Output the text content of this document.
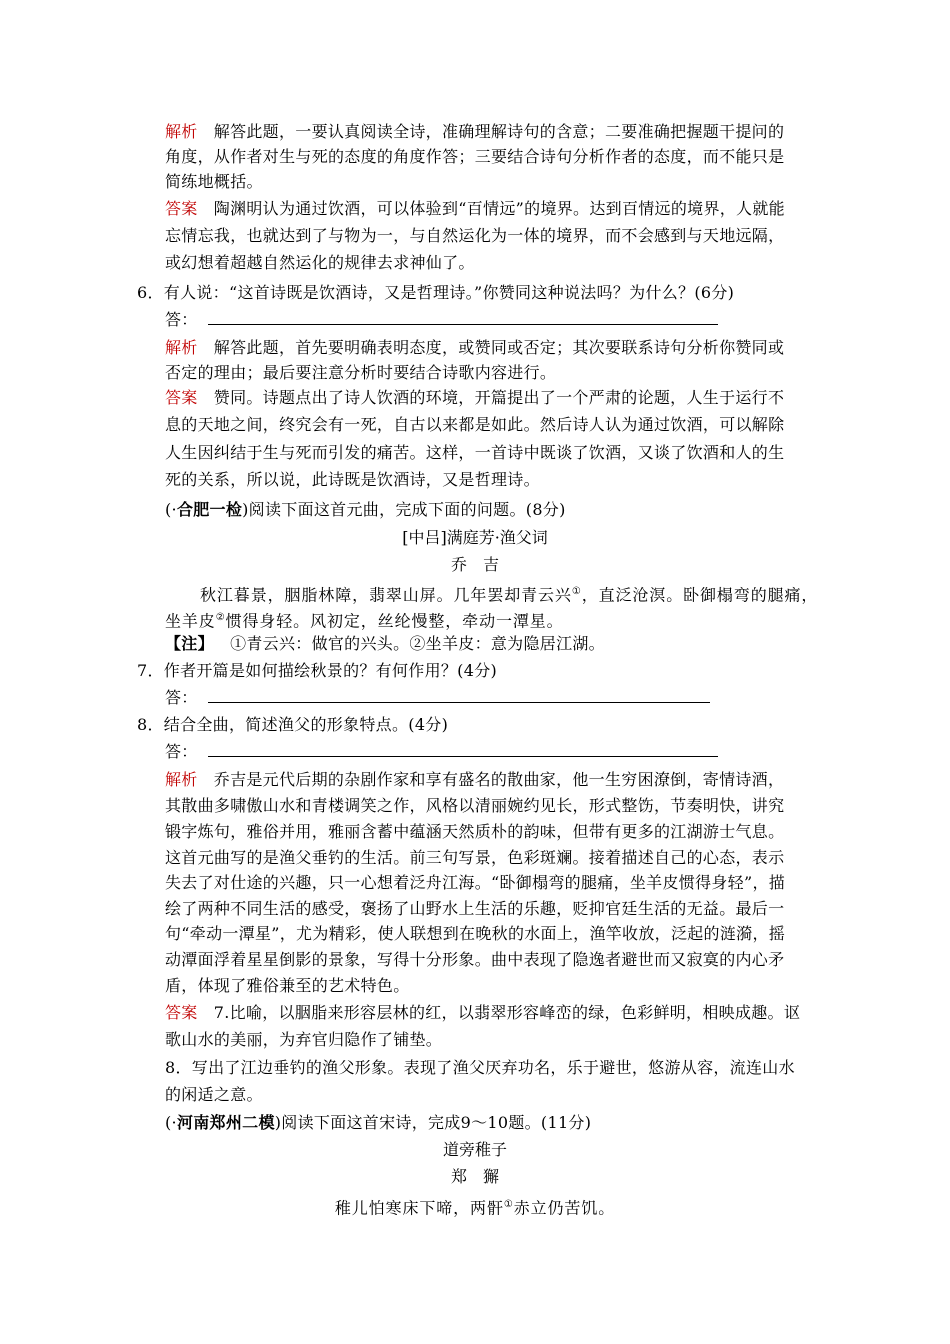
解析 解答此题，一要认真阅读全诗，准确理解诗句的含意；二要准确把握题干提问的
角度，从作者对生与死的态度的角度作答；三要结合诗句分析作者的态度，而不能只是
简练地概括。
答案 陶渊明认为通过饮酒，可以体验到“百情远”的境界。达到百情远的境界，人就能
忘情忘我，也就达到了与物为一，与自然运化为一体的境界，而不会感到与天地远隔，
或幻想着超越自然运化的规律去求神仙了。
6．有人说：“这首诗既是饮酒诗，又是哲理诗。”你赞同这种说法吗？为什么？(6分)
答：
解析 解答此题，首先要明确表明态度，或赞同或否定；其次要联系诗句分析你赞同或
否定的理由；最后要注意分析时要结合诗歌内容进行。
答案 赞同。诗题点出了诗人饮酒的环境，开篇提出了一个严肃的论题，人生于运行不
息的天地之间，终究会有一死，自古以来都是如此。然后诗人认为通过饮酒，可以解除
人生因纠结于生与死而引发的痛苦。这样，一首诗中既谈了饮酒，又谈了饮酒和人的生
死的关系，所以说，此诗既是饮酒诗，又是哲理诗。
(·合肥一检)阅读下面这首元曲，完成下面的问题。(8分)
[中吕]满庭芳·渔父词
乔　吉
秋江暮景，胭脂林障，翡翠山屏。几年罢却青云兴①，直泛沧溟。卧御榻弯的腿痛，
坐羊皮②惯得身轻。风初定，丝纶慢整，牵动一潭星。
【注】 ①青云兴：做官的兴头。②坐羊皮：意为隐居江湖。
7．作者开篇是如何描绘秋景的？有何作用？(4分)
答：
8．结合全曲，简述渔父的形象特点。(4分)
答：
解析 乔吉是元代后期的杂剧作家和享有盛名的散曲家，他一生穷困潦倒，寄情诗酒，
其散曲多啸傲山水和青楼调笑之作，风格以清丽婉约见长，形式整饬，节奏明快，讲究
锻字炼句，雅俗并用，雅丽含蓄中蕴涵天然质朴的韵味，但带有更多的江湖游士气息。
这首元曲写的是渔父垂钓的生活。前三句写景，色彩斑斓。接着描述自己的心态，表示
失去了对仕途的兴趣，只一心想着泛舟江海。“卧御榻弯的腿痛，坐羊皮惯得身轻”，描
绘了两种不同生活的感受，褒扬了山野水上生活的乐趣，贬抑官廷生活的无益。最后一
句“牵动一潭星”，尤为精彩，使人联想到在晚秋的水面上，渔竿收放，泛起的涟漪，摇
动潭面浮着星星倒影的景象，写得十分形象。曲中表现了隐逸者避世而又寂寞的内心矛
盾，体现了雅俗兼至的艺术特色。
答案 7.比喻，以胭脂来形容层林的红，以翡翠形容峰峦的绿，色彩鲜明，相映成趣。讴
歌山水的美丽，为弃官归隐作了铺垫。
8．写出了江边垂钓的渔父形象。表现了渔父厌弃功名，乐于避世，悠游从容，流连山水
的闲适之意。
(·河南郑州二模)阅读下面这首宋诗，完成9～10题。(11分)
道旁稚子
郑　獬
稚儿怕寒床下啼，两骭①赤立仍苦饥。
